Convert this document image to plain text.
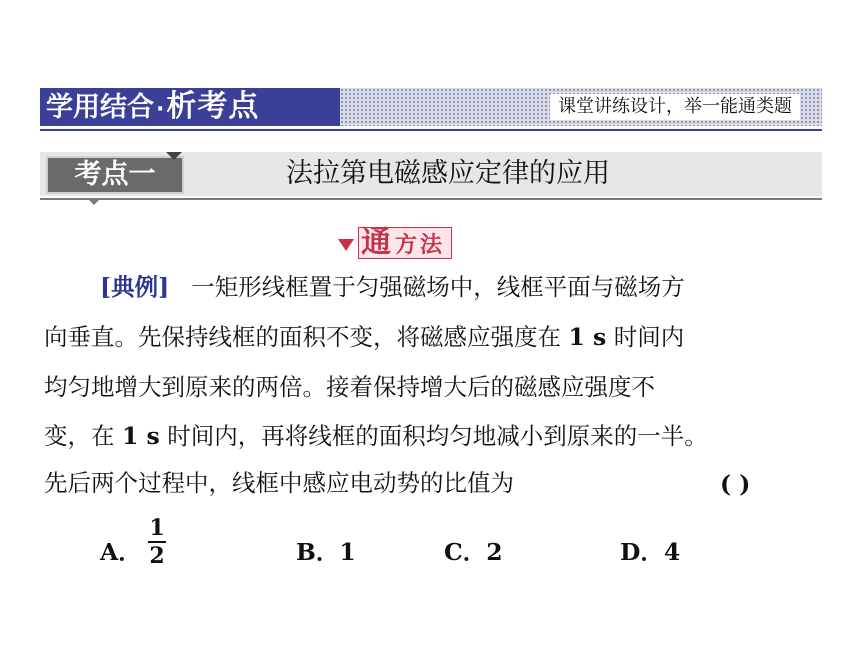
学用结合·析考点	课堂讲练设计，举一能通类题
考点一	法拉第电磁感应定律的应用
通 方法
[典例] 一矩形线框置于匀强磁场中，线框平面与磁场方
向垂直。先保持线框的面积不变，将磁感应强度在 1 s 时间内
均匀地增大到原来的两倍。接着保持增大后的磁感应强度不
变，在 1 s 时间内，再将线框的面积均匀地减小到原来的一半。
先后两个过程中，线框中感应电动势的比值为	( )
A．
1
2	B．1	C．2	D．4
